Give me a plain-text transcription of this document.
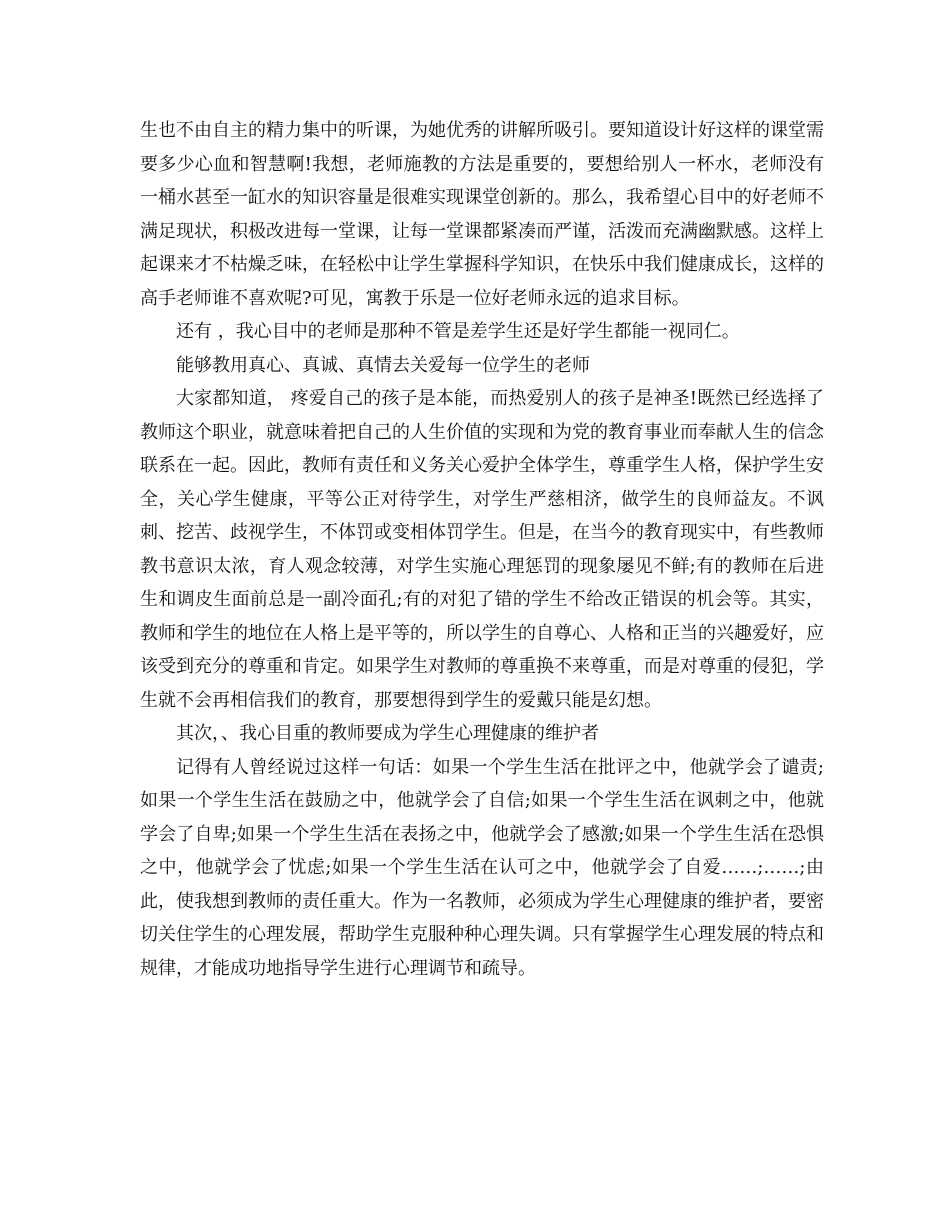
生也不由自主的精力集中的听课，为她优秀的讲解所吸引。要知道设计好这样的课堂需要多少心血和智慧啊!我想，老师施教的方法是重要的，要想给别人一杯水，老师没有一桶水甚至一缸水的知识容量是很难实现课堂创新的。那么，我希望心目中的好老师不满足现状，积极改进每一堂课，让每一堂课都紧凑而严谨，活泼而充满幽默感。这样上起课来才不枯燥乏味，在轻松中让学生掌握科学知识，在快乐中我们健康成长，这样的高手老师谁不喜欢呢?可见，寓教于乐是一位好老师永远的追求目标。

还有 ，我心目中的老师是那种不管是差学生还是好学生都能一视同仁。

能够教用真心、真诚、真情去关爱每一位学生的老师

大家都知道， 疼爱自己的孩子是本能，而热爱别人的孩子是神圣!既然已经选择了教师这个职业，就意味着把自己的人生价值的实现和为党的教育事业而奉献人生的信念联系在一起。因此，教师有责任和义务关心爱护全体学生，尊重学生人格，保护学生安全，关心学生健康，平等公正对待学生，对学生严慈相济，做学生的良师益友。不讽刺、挖苦、歧视学生，不体罚或变相体罚学生。但是，在当今的教育现实中，有些教师教书意识太浓，育人观念较薄，对学生实施心理惩罚的现象屡见不鲜;有的教师在后进生和调皮生面前总是一副冷面孔;有的对犯了错的学生不给改正错误的机会等。其实，教师和学生的地位在人格上是平等的，所以学生的自尊心、人格和正当的兴趣爱好，应该受到充分的尊重和肯定。如果学生对教师的尊重换不来尊重，而是对尊重的侵犯，学生就不会再相信我们的教育，那要想得到学生的爱戴只能是幻想。

其次，、我心目重的教师要成为学生心理健康的维护者

记得有人曾经说过这样一句话：如果一个学生生活在批评之中，他就学会了谴责;如果一个学生生活在鼓励之中，他就学会了自信;如果一个学生生活在讽刺之中，他就学会了自卑;如果一个学生生活在表扬之中，他就学会了感激;如果一个学生生活在恐惧之中，他就学会了忧虑;如果一个学生生活在认可之中，他就学会了自爱……;……;由此，使我想到教师的责任重大。作为一名教师，必须成为学生心理健康的维护者，要密切关住学生的心理发展，帮助学生克服种种心理失调。只有掌握学生心理发展的特点和规律，才能成功地指导学生进行心理调节和疏导。
